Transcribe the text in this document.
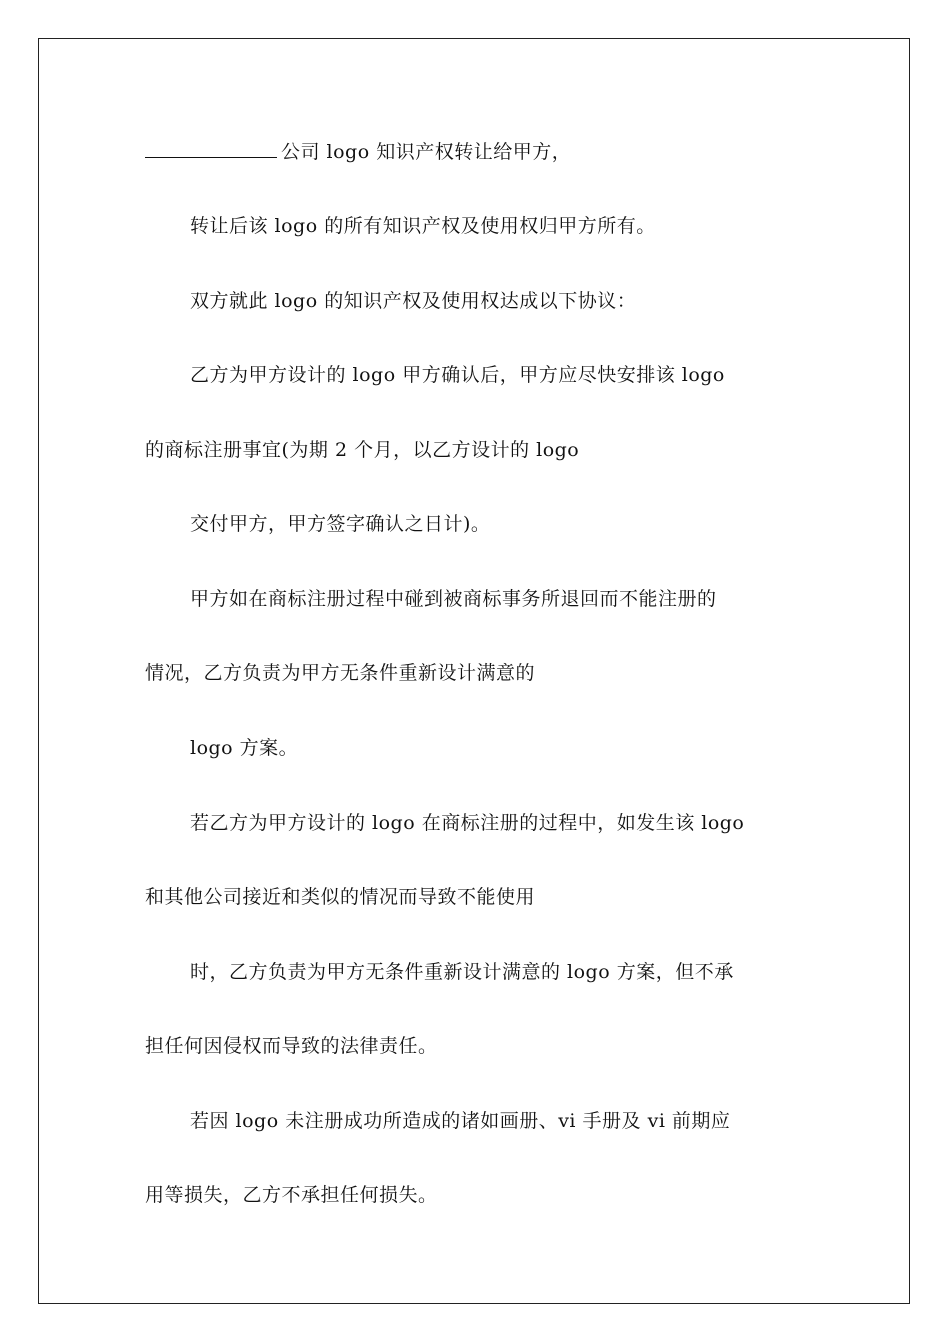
公司 logo 知识产权转让给甲方，

转让后该 logo 的所有知识产权及使用权归甲方所有。

双方就此 logo 的知识产权及使用权达成以下协议：

乙方为甲方设计的 logo 甲方确认后，甲方应尽快安排该 logo

的商标注册事宜(为期 2 个月，以乙方设计的 logo

交付甲方，甲方签字确认之日计)。

甲方如在商标注册过程中碰到被商标事务所退回而不能注册的

情况，乙方负责为甲方无条件重新设计满意的

logo 方案。

若乙方为甲方设计的 logo 在商标注册的过程中，如发生该 logo

和其他公司接近和类似的情况而导致不能使用

时，乙方负责为甲方无条件重新设计满意的 logo 方案，但不承

担任何因侵权而导致的法律责任。

若因 logo 未注册成功所造成的诸如画册、vi 手册及 vi 前期应

用等损失，乙方不承担任何损失。
